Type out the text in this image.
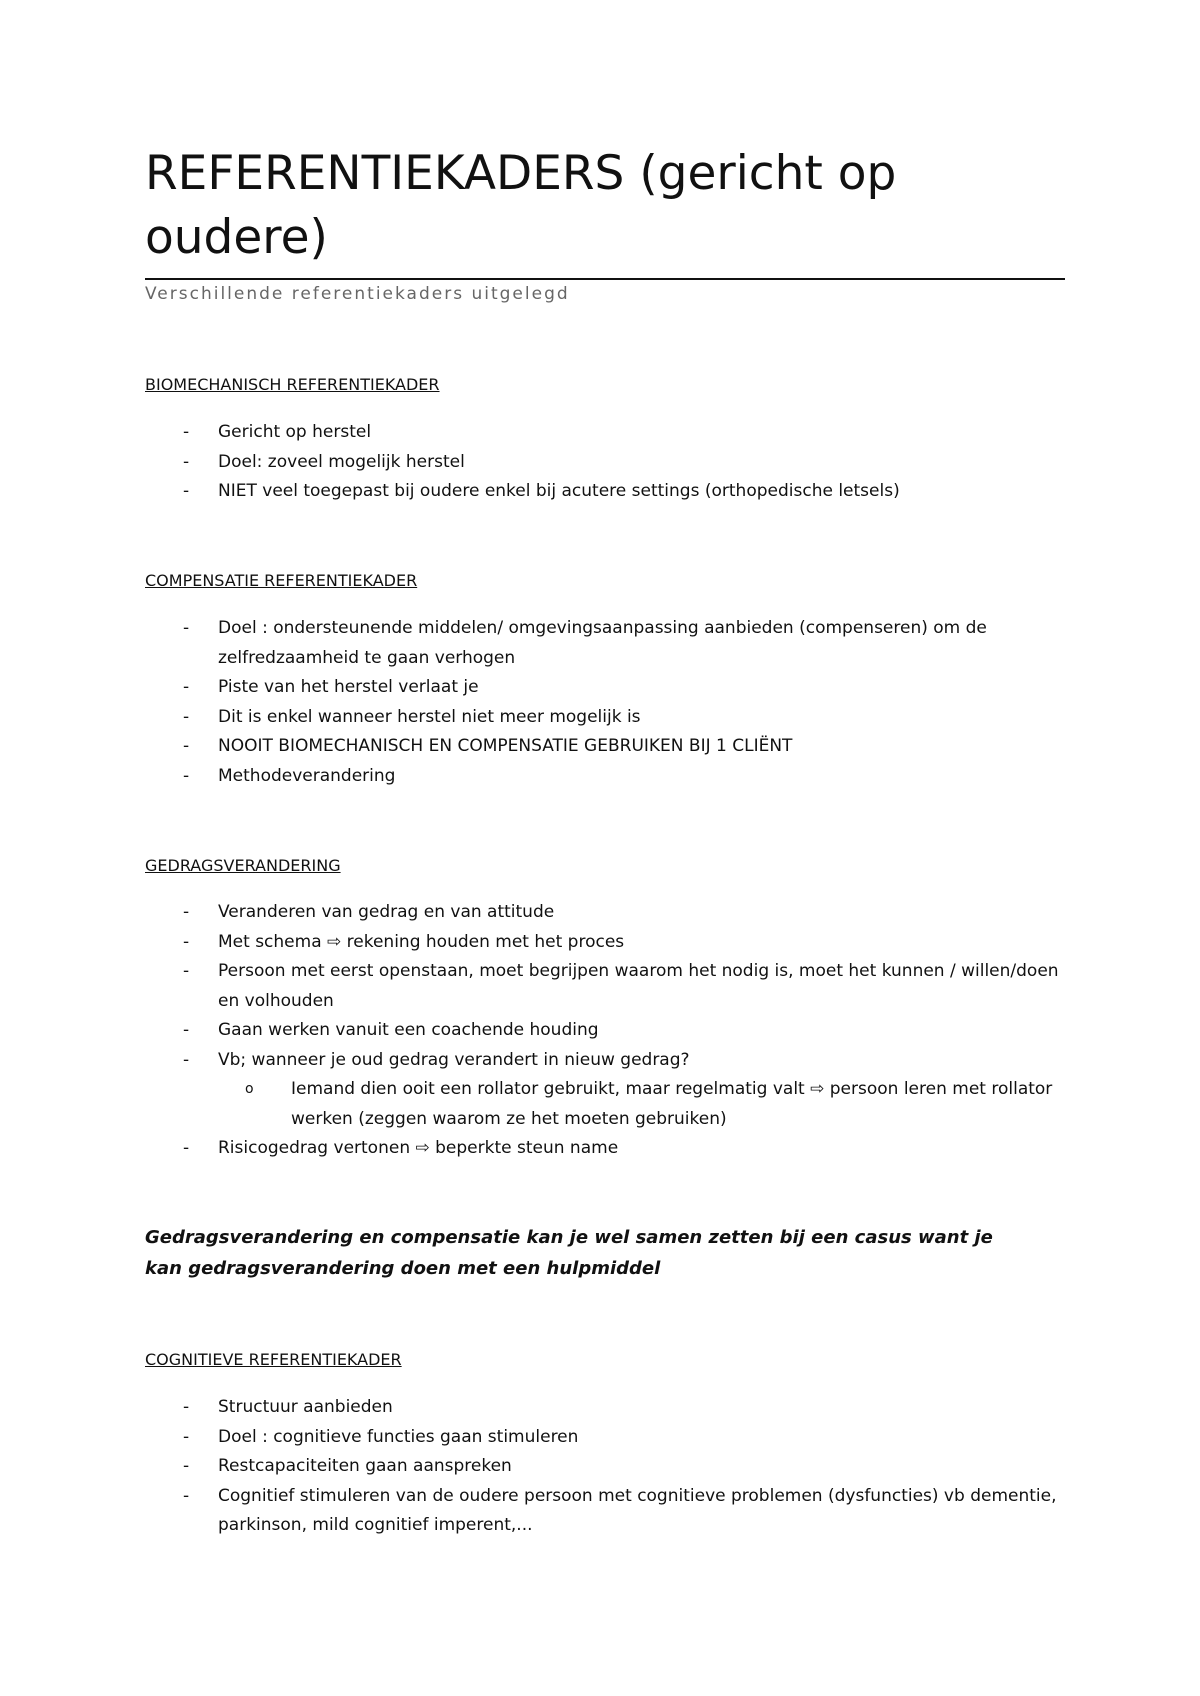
REFERENTIEKADERS (gericht op oudere)
Verschillende referentiekaders uitgelegd
BIOMECHANISCH REFERENTIEKADER
- Gericht op herstel
- Doel: zoveel mogelijk herstel
- NIET veel toegepast bij oudere enkel bij acutere settings (orthopedische letsels)
COMPENSATIE REFERENTIEKADER
- Doel : ondersteunende middelen/ omgevingsaanpassing aanbieden (compenseren) om de zelfredzaamheid te gaan verhogen
- Piste van het herstel verlaat je
- Dit is enkel wanneer herstel niet meer mogelijk is
- NOOIT BIOMECHANISCH EN COMPENSATIE GEBRUIKEN BIJ 1 CLIËNT
- Methodeverandering
GEDRAGSVERANDERING
- Veranderen van gedrag en van attitude
- Met schema ⇨ rekening houden met het proces
- Persoon met eerst openstaan, moet begrijpen waarom het nodig is, moet het kunnen / willen/doen en volhouden
- Gaan werken vanuit een coachende houding
- Vb; wanneer je oud gedrag verandert in nieuw gedrag?
o Iemand dien ooit een rollator gebruikt, maar regelmatig valt ⇨ persoon leren met rollator werken (zeggen waarom ze het moeten gebruiken)
- Risicogedrag vertonen ⇨ beperkte steun name
Gedragsverandering en compensatie kan je wel samen zetten bij een casus want je kan gedragsverandering doen met een hulpmiddel
COGNITIEVE REFERENTIEKADER
- Structuur aanbieden
- Doel : cognitieve functies gaan stimuleren
- Restcapaciteiten gaan aanspreken
- Cognitief stimuleren van de oudere persoon met cognitieve problemen (dysfuncties) vb dementie, parkinson, mild cognitief imperent,...
